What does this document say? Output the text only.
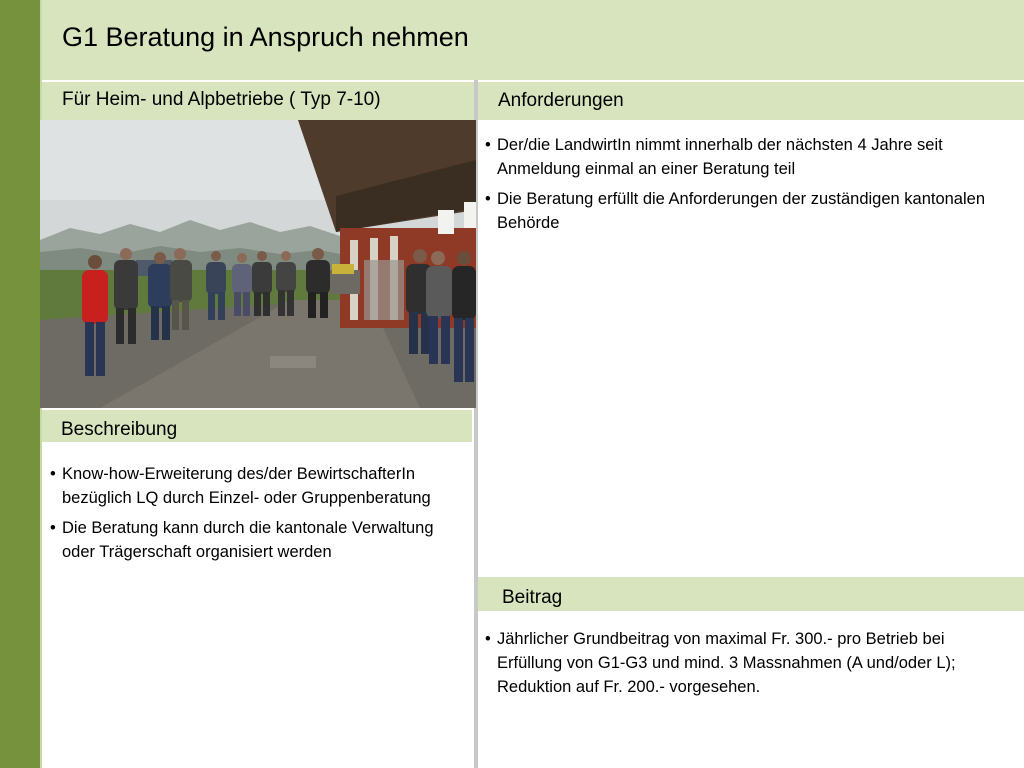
G1 Beratung in Anspruch nehmen
Für Heim- und Alpbetriebe ( Typ 7-10)	Anforderungen
Beschreibung
• Know-how-Erweiterung des/der BewirtschafterIn bezüglich LQ durch Einzel- oder Gruppenberatung
• Die Beratung kann durch die kantonale Verwaltung oder Trägerschaft organisiert werden
• Der/die LandwirtIn nimmt innerhalb der nächsten 4 Jahre seit Anmeldung einmal an einer Beratung teil
• Die Beratung erfüllt die Anforderungen der zuständigen kantonalen Behörde
Beitrag
• Jährlicher Grundbeitrag von maximal Fr. 300.- pro Betrieb bei Erfüllung von G1-G3 und mind. 3 Massnahmen (A und/oder L); Reduktion auf Fr. 200.- vorgesehen.
